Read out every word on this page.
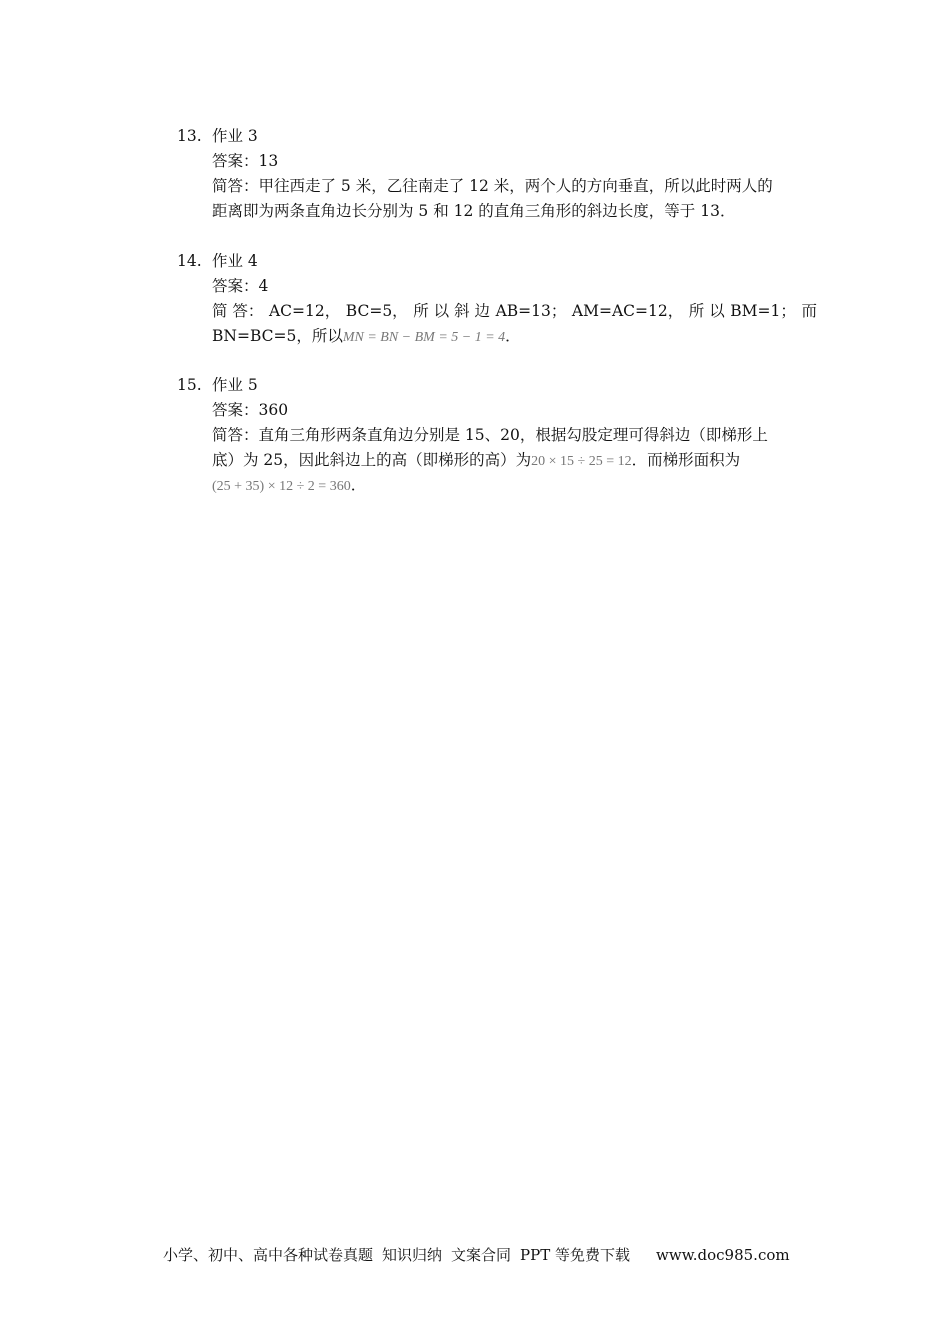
13. 作业 3
答案：13
简答：甲往西走了 5 米，乙往南走了 12 米，两个人的方向垂直，所以此时两人的
距离即为两条直角边长分别为 5 和 12 的直角三角形的斜边长度，等于 13．
14. 作业 4
答案：4
简 答： AC=12， BC=5， 所 以 斜 边 AB=13； AM=AC=12， 所 以 BM=1； 而
BN=BC=5，所以MN = BN − BM = 5 − 1 = 4．
15. 作业 5
答案：360
简答：直角三角形两条直角边分别是 15、20，根据勾股定理可得斜边（即梯形上
底）为 25，因此斜边上的高（即梯形的高）为20 × 15 ÷ 25 = 12．而梯形面积为
(25 + 35) × 12 ÷ 2 = 360．
小学、初中、高中各种试卷真题 知识归纳 文案合同 PPT 等免费下载 www.doc985.com
